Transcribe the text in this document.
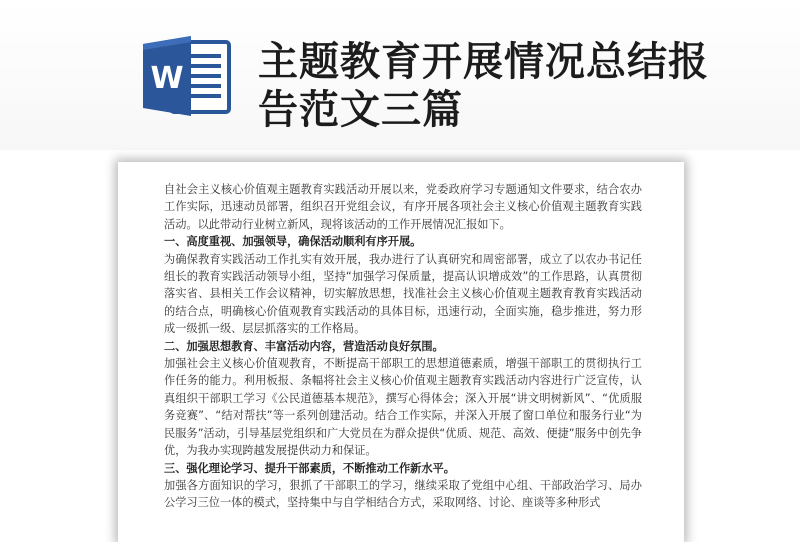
W 主题教育开展情况总结报告范文三篇

自社会主义核心价值观主题教育实践活动开展以来，党委政府学习专题通知文件要求，结合农办工作实际，迅速动员部署，组织召开党组会议，有序开展各项社会主义核心价值观主题教育实践活动。以此带动行业树立新风，现将该活动的工作开展情况汇报如下。

一、高度重视、加强领导，确保活动顺利有序开展。

为确保教育实践活动工作扎实有效开展，我办进行了认真研究和周密部署，成立了以农办书记任组长的教育实践活动领导小组，坚持“加强学习保质量，提高认识增成效”的工作思路，认真贯彻落实省、县相关工作会议精神，切实解放思想，找准社会主义核心价值观主题教育教育实践活动的结合点，明确核心价值观教育实践活动的具体目标，迅速行动，全面实施，稳步推进，努力形成一级抓一级、层层抓落实的工作格局。

二、加强思想教育、丰富活动内容，营造活动良好氛围。

加强社会主义核心价值观教育，不断提高干部职工的思想道德素质，增强干部职工的贯彻执行工作任务的能力。利用板报、条幅将社会主义核心价值观主题教育实践活动内容进行广泛宣传，认真组织干部职工学习《公民道德基本规范》，撰写心得体会；深入开展“讲文明树新风”、“优质服务竞赛”、“结对帮扶”等一系列创建活动。结合工作实际，并深入开展了窗口单位和服务行业“为民服务”活动，引导基层党组织和广大党员在为群众提供“优质、规范、高效、便捷”服务中创先争优，为我办实现跨越发展提供动力和保证。

三、强化理论学习、提升干部素质，不断推动工作新水平。

加强各方面知识的学习，狠抓了干部职工的学习，继续采取了党组中心组、干部政治学习、局办公学习三位一体的模式，坚持集中与自学相结合方式，采取网络、讨论、座谈等多种形式
